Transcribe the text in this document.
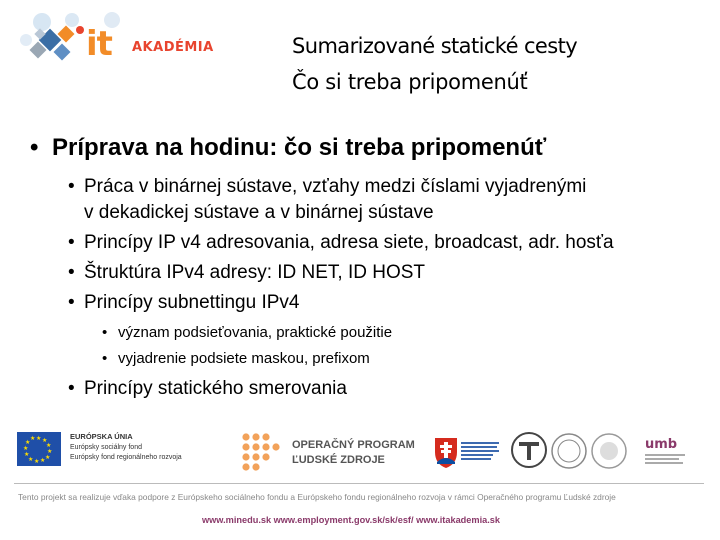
it AKADÉMIA	Sumarizované statické cesty
Čo si treba pripomenúť
• Príprava na hodinu: čo si treba pripomenúť
• Práca v binárnej sústave, vzťahy medzi číslami vyjadrenými
v dekadickej sústave a v binárnej sústave
• Princípy IP v4 adresovania, adresa siete, broadcast, adr. hosťa
• Štruktúra IPv4 adresy: ID NET, ID HOST
• Princípy subnettingu IPv4
• význam podsieťovania, praktické použitie
• vyjadrenie podsiete maskou, prefixom
• Princípy statického smerovania
★ ★
★
★
★
★
★
★
★
★
★
★	EURÓPSKA ÚNIA
Európsky sociálny fond
Európsky fond regionálneho rozvoja
OPERAČNÝ PROGRAM
ĽUDSKÉ ZDROJE
umb
Tento projekt sa realizuje vďaka podpore z Európskeho sociálneho fondu a Európskeho fondu regionálneho rozvoja v rámci Operačného programu Ľudské zdroje
www.minedu.sk www.employment.gov.sk/sk/esf/ www.itakademia.sk
